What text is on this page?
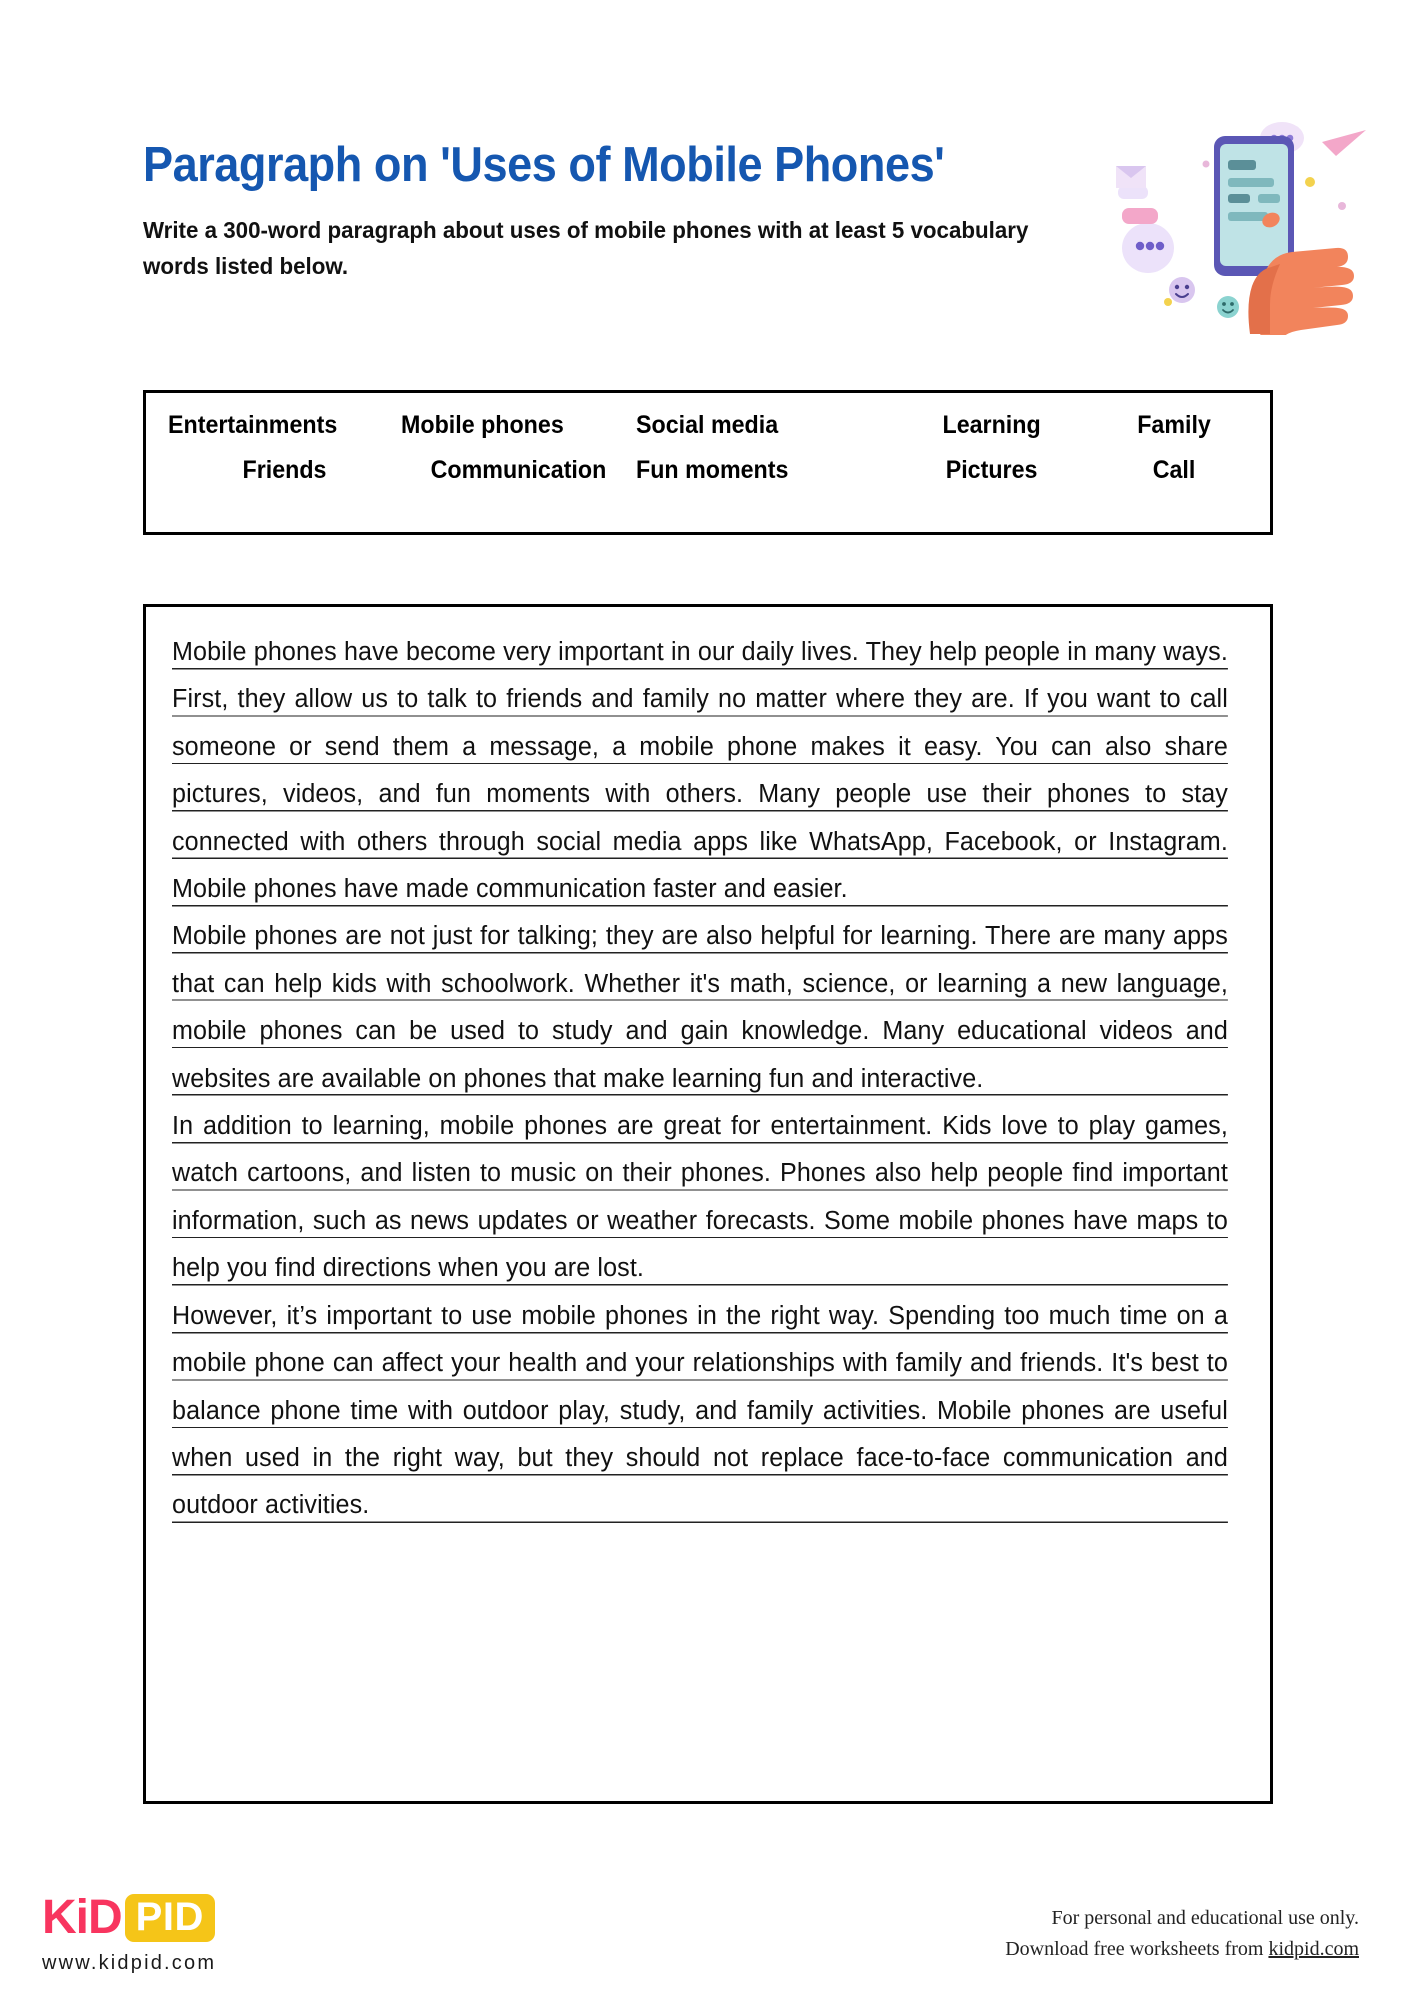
Paragraph on 'Uses of Mobile Phones'
Write a 300-word paragraph about uses of mobile phones with at least 5 vocabulary words listed below.
Entertainments	Mobile phones	Social media	Learning	Family
Friends	Communication	Fun moments	Pictures	Call

Mobile phones have become very important in our daily lives. They help people in many ways. First, they allow us to talk to friends and family no matter where they are. If you want to call someone or send them a message, a mobile phone makes it easy. You can also share pictures, videos, and fun moments with others. Many people use their phones to stay connected with others through social media apps like WhatsApp, Facebook, or Instagram. Mobile phones have made communication faster and easier.

Mobile phones are not just for talking; they are also helpful for learning. There are many apps that can help kids with schoolwork. Whether it's math, science, or learning a new language, mobile phones can be used to study and gain knowledge. Many educational videos and websites are available on phones that make learning fun and interactive.

In addition to learning, mobile phones are great for entertainment. Kids love to play games, watch cartoons, and listen to music on their phones. Phones also help people find important information, such as news updates or weather forecasts. Some mobile phones have maps to help you find directions when you are lost.

However, it’s important to use mobile phones in the right way. Spending too much time on a mobile phone can affect your health and your relationships with family and friends. It's best to balance phone time with outdoor play, study, and family activities. Mobile phones are useful when used in the right way, but they should not replace face-to-face communication and outdoor activities.

KiD PID
www.kidpid.com
For personal and educational use only.
Download free worksheets from kidpid.com
